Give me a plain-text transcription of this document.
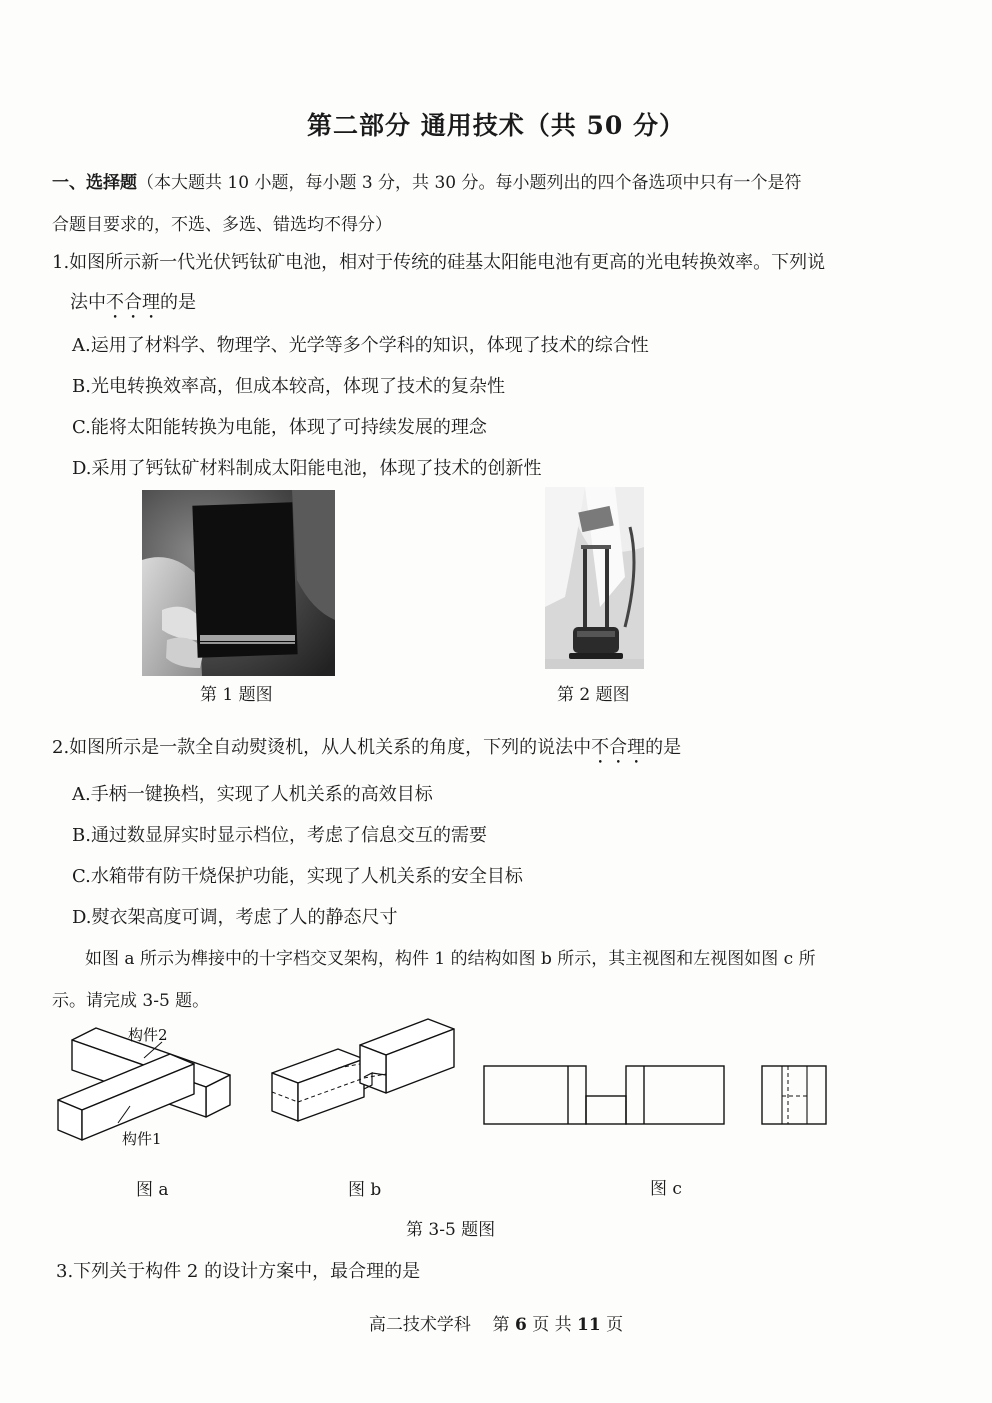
第二部分 通用技术（共 50 分）
一、选择题（本大题共 10 小题，每小题 3 分，共 30 分。每小题列出的四个备选项中只有一个是符
合题目要求的，不选、多选、错选均不得分）
1.如图所示新一代光伏钙钛矿电池，相对于传统的硅基太阳能电池有更高的光电转换效率。下列说
法中不合理的是
A.运用了材料学、物理学、光学等多个学科的知识，体现了技术的综合性
B.光电转换效率高，但成本较高，体现了技术的复杂性
C.能将太阳能转换为电能，体现了可持续发展的理念
D.采用了钙钛矿材料制成太阳能电池，体现了技术的创新性
第 1 题图	第 2 题图
2.如图所示是一款全自动熨烫机，从人机关系的角度，下列的说法中不合理的是
A.手柄一键换档，实现了人机关系的高效目标
B.通过数显屏实时显示档位，考虑了信息交互的需要
C.水箱带有防干烧保护功能，实现了人机关系的安全目标
D.熨衣架高度可调，考虑了人的静态尺寸
如图 a 所示为榫接中的十字档交叉架构，构件 1 的结构如图 b 所示，其主视图和左视图如图 c 所
示。请完成 3-5 题。
构件2
构件1
图 a	图 b	图 c
第 3-5 题图
3.下列关于构件 2 的设计方案中，最合理的是
高二技术学科 第 6 页 共 11 页
